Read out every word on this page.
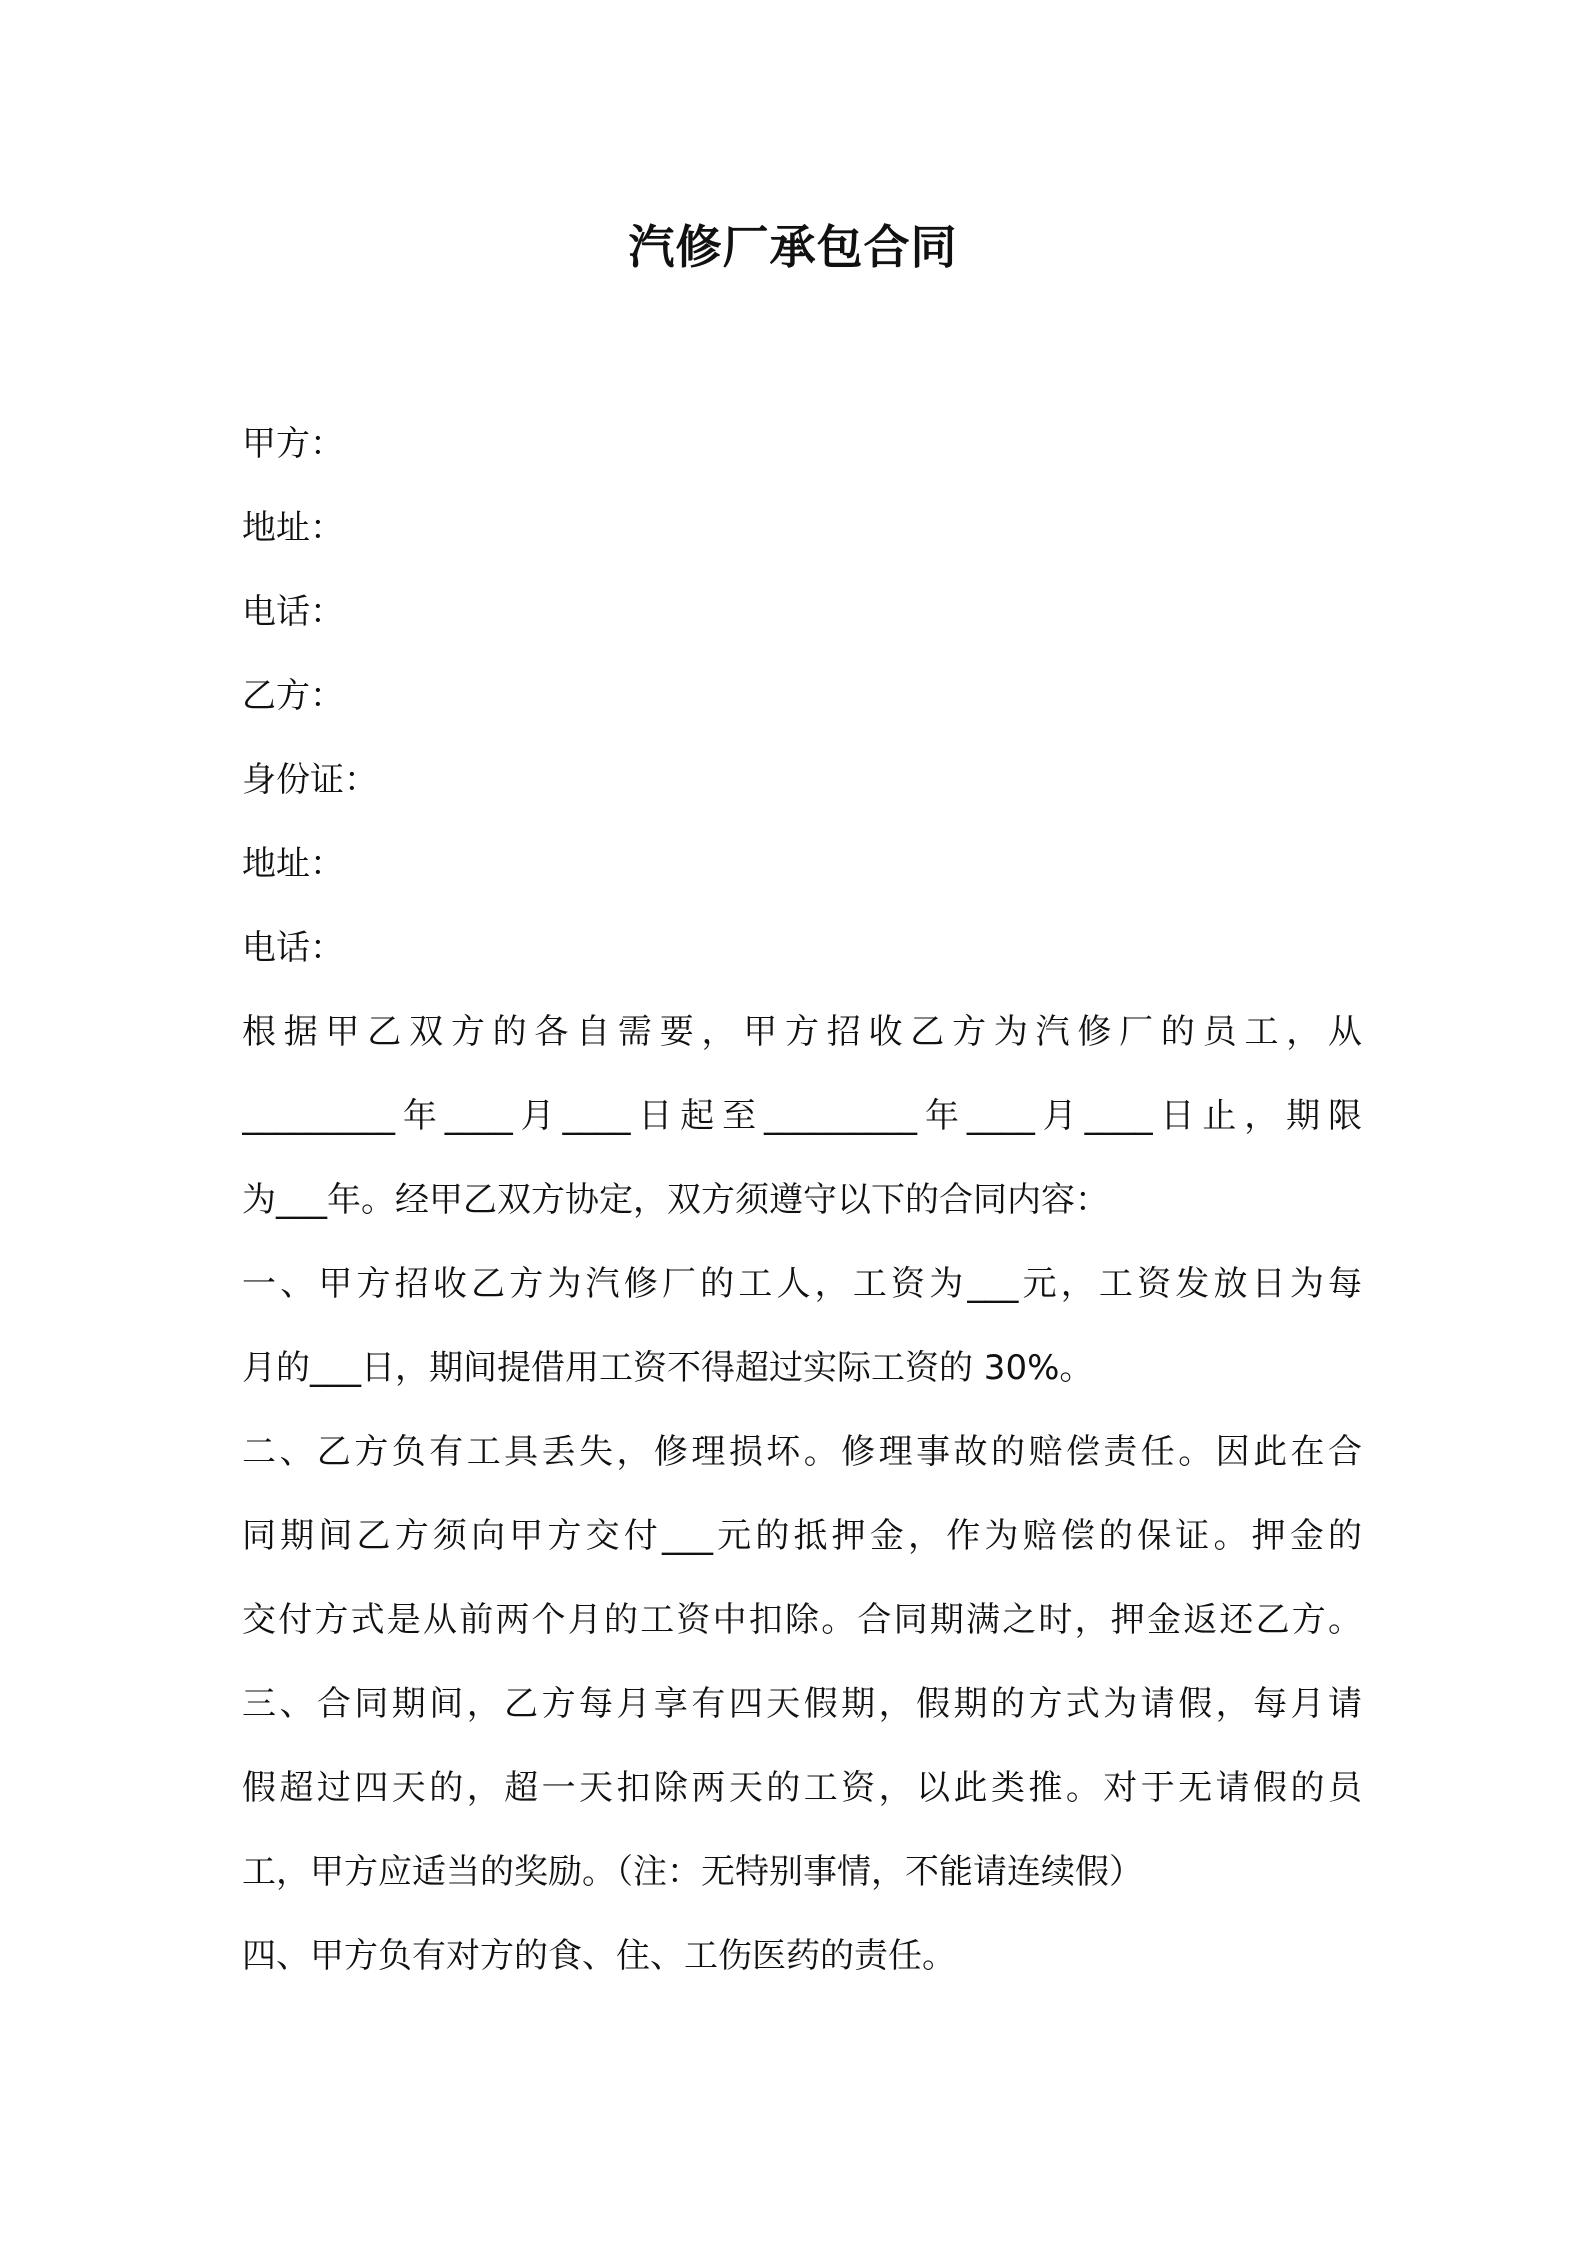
汽修厂承包合同

甲方：

地址：

电话：

乙方：

身份证：

地址：

电话：

根据甲乙双方的各自需要，甲方招收乙方为汽修厂的员工，从

_________年____月____日起至_________年____月____日止，期限

为___年。经甲乙双方协定，双方须遵守以下的合同内容：

一、甲方招收乙方为汽修厂的工人，工资为___元，工资发放日为每

月的___日，期间提借用工资不得超过实际工资的 30%。

二、乙方负有工具丢失，修理损坏。修理事故的赔偿责任。因此在合

同期间乙方须向甲方交付___元的抵押金，作为赔偿的保证。押金的

交付方式是从前两个月的工资中扣除。合同期满之时，押金返还乙方。

三、合同期间，乙方每月享有四天假期，假期的方式为请假，每月请

假超过四天的，超一天扣除两天的工资，以此类推。对于无请假的员

工，甲方应适当的奖励。（注：无特别事情，不能请连续假）

四、甲方负有对方的食、住、工伤医药的责任。
